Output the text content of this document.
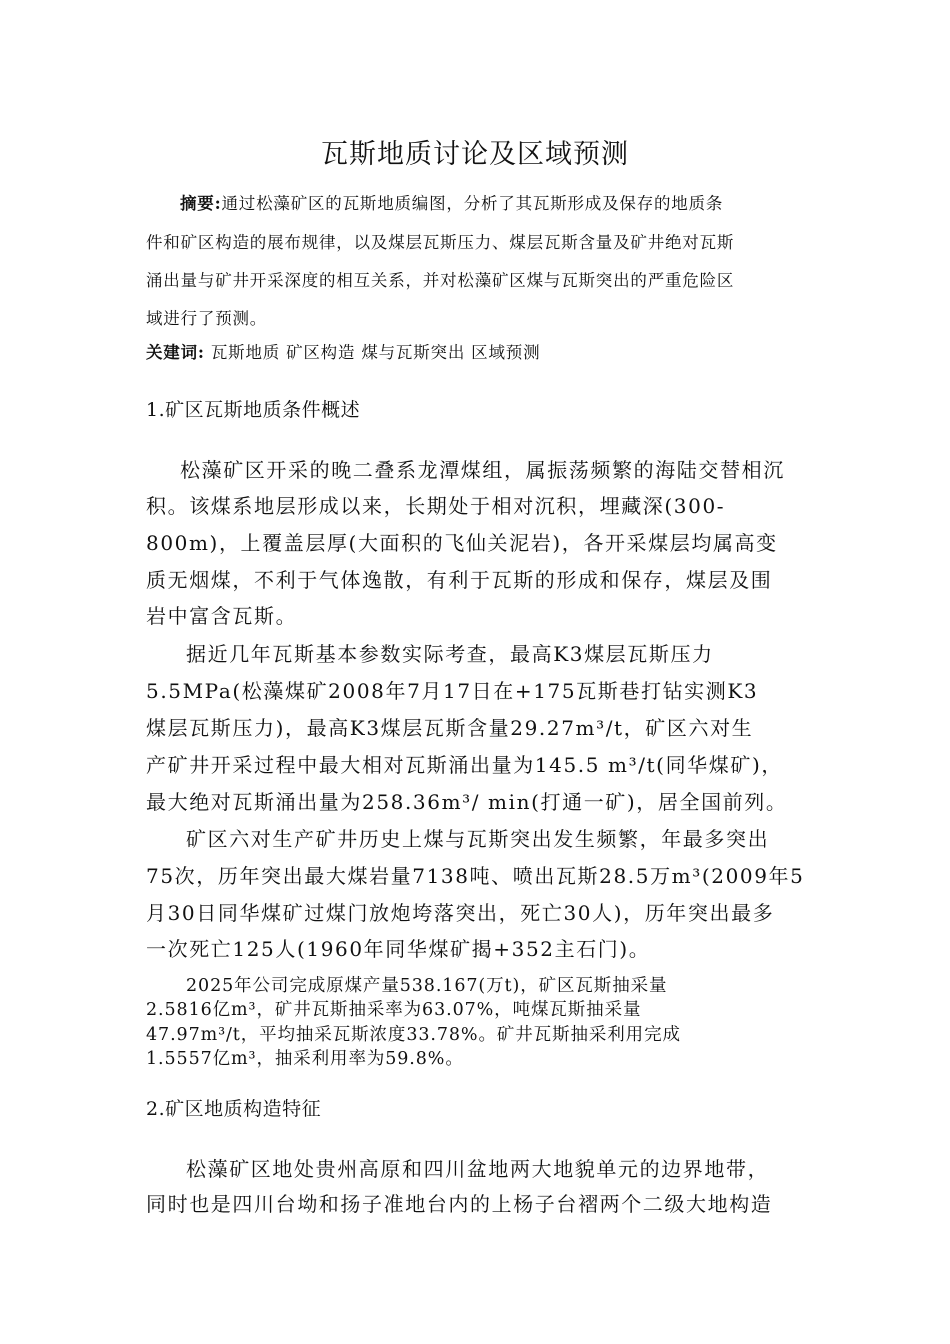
瓦斯地质讨论及区域预测
摘要:通过松藻矿区的瓦斯地质编图，分析了其瓦斯形成及保存的地质条
件和矿区构造的展布规律，以及煤层瓦斯压力、煤层瓦斯含量及矿井绝对瓦斯
涌出量与矿井开采深度的相互关系，并对松藻矿区煤与瓦斯突出的严重危险区
域进行了预测。
关建词: 瓦斯地质 矿区构造 煤与瓦斯突出 区域预测
1.矿区瓦斯地质条件概述
松藻矿区开采的晚二叠系龙潭煤组，属振荡频繁的海陆交替相沉
积。该煤系地层形成以来，长期处于相对沉积，埋藏深(300-
800m)，上覆盖层厚(大面积的飞仙关泥岩)，各开采煤层均属高变
质无烟煤，不利于气体逸散，有利于瓦斯的形成和保存，煤层及围
岩中富含瓦斯。
据近几年瓦斯基本参数实际考查，最高K3煤层瓦斯压力
5.5MPa(松藻煤矿2008年7月17日在+175瓦斯巷打钻实测K3
煤层瓦斯压力)，最高K3煤层瓦斯含量29.27m³/t，矿区六对生
产矿井开采过程中最大相对瓦斯涌出量为145.5 m³/t(同华煤矿)，
最大绝对瓦斯涌出量为258.36m³/ min(打通一矿)，居全国前列。
矿区六对生产矿井历史上煤与瓦斯突出发生频繁，年最多突出
75次，历年突出最大煤岩量7138吨、喷出瓦斯28.5万m³(2009年5
月30日同华煤矿过煤门放炮垮落突出，死亡30人)，历年突出最多
一次死亡125人(1960年同华煤矿揭+352主石门)。
2025年公司完成原煤产量538.167(万t)，矿区瓦斯抽采量
2.5816亿m³，矿井瓦斯抽采率为63.07%，吨煤瓦斯抽采量
47.97m³/t，平均抽采瓦斯浓度33.78%。矿井瓦斯抽采利用完成
1.5557亿m³，抽采利用率为59.8%。
2.矿区地质构造特征
松藻矿区地处贵州高原和四川盆地两大地貌单元的边界地带，
同时也是四川台坳和扬子准地台内的上杨子台褶两个二级大地构造
